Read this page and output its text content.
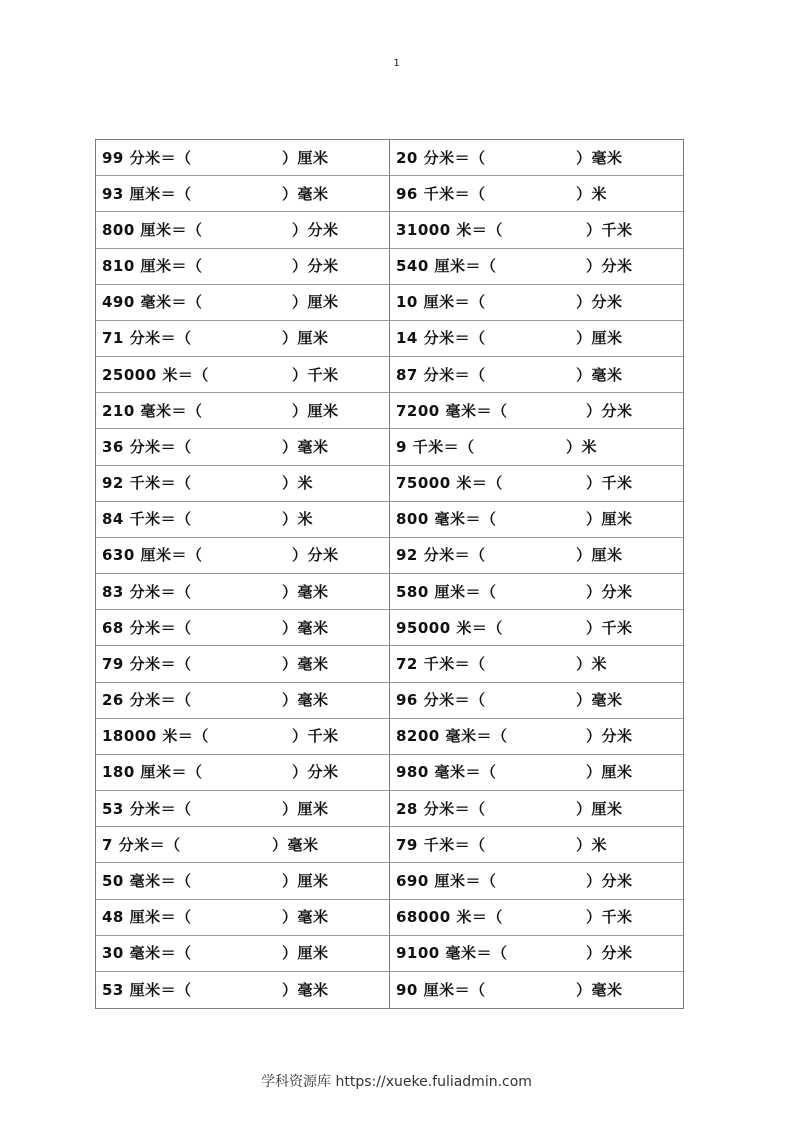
1
99 分米＝（	）厘米	20 分米＝（	）毫米
93 厘米＝（	）毫米	96 千米＝（	）米
800 厘米＝（	）分米	31000 米＝（	）千米
810 厘米＝（	）分米	540 厘米＝（	）分米
490 毫米＝（	）厘米	10 厘米＝（	）分米
71 分米＝（	）厘米	14 分米＝（	）厘米
25000 米＝（	）千米	87 分米＝（	）毫米
210 毫米＝（	）厘米	7200 毫米＝（	）分米
36 分米＝（	）毫米	9 千米＝（	）米
92 千米＝（	）米	75000 米＝（	）千米
84 千米＝（	）米	800 毫米＝（	）厘米
630 厘米＝（	）分米	92 分米＝（	）厘米
83 分米＝（	）毫米	580 厘米＝（	）分米
68 分米＝（	）毫米	95000 米＝（	）千米
79 分米＝（	）毫米	72 千米＝（	）米
26 分米＝（	）毫米	96 分米＝（	）毫米
18000 米＝（	）千米	8200 毫米＝（	）分米
180 厘米＝（	）分米	980 毫米＝（	）厘米
53 分米＝（	）厘米	28 分米＝（	）厘米
7 分米＝（	）毫米	79 千米＝（	）米
50 毫米＝（	）厘米	690 厘米＝（	）分米
48 厘米＝（	）毫米	68000 米＝（	）千米
30 毫米＝（	）厘米	9100 毫米＝（	）分米
53 厘米＝（	）毫米	90 厘米＝（	）毫米
学科资源库 https://xueke.fuliadmin.com
